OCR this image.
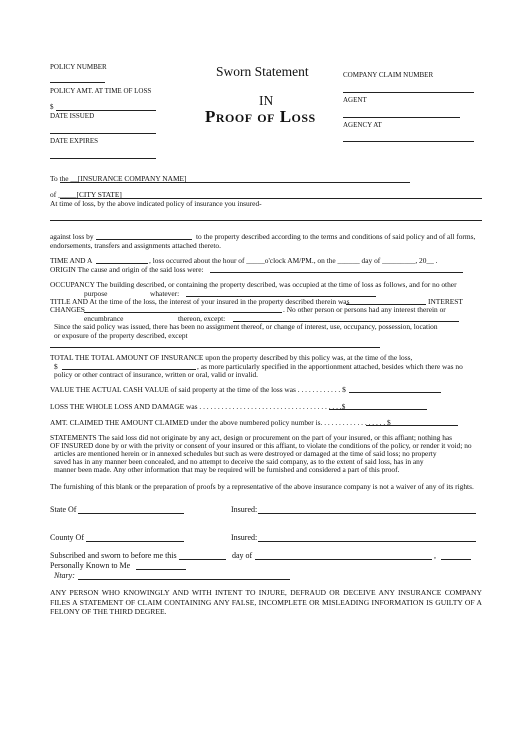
POLICY NUMBER
POLICY AMT. AT TIME OF LOSS
$
DATE ISSUED
DATE EXPIRES
Sworn Statement
IN
Proof of Loss
COMPANY CLAIM NUMBER
AGENT
AGENCY AT
To the __[INSURANCE COMPANY NAME]
of _____[CITY STATE]
At time of loss, by the above indicated policy of insurance you insured-
against loss by	to the property described according to the terms and conditions of said policy and of all forms,
endorsements, transfers and assignments attached thereto.
TIME AND A	, loss occurred about the hour of _____o'clock AM/PM., on the ______ day of _________, 20__ .
ORIGIN The cause and origin of the said loss were:
OCCUPANCY The building described, or containing the property described, was occupied at the time of loss as follows, and for no other
purpose	whatever:
TITLE AND At the time of the loss, the interest of your insured in the property described therein was	INTEREST
CHANGES	. No other person or persons had any interest therein or
encumbrance	thereon, except:
Since the said policy was issued, there has been no assignment thereof, or change of interest, use, occupancy, possession, location
or exposure of the property described, except
TOTAL THE TOTAL AMOUNT OF INSURANCE upon the property described by this policy was, at the time of the loss,
$	, as more particularly specified in the apportionment attached, besides which there was no
policy or other contract of insurance, written or oral, valid or invalid.
VALUE THE ACTUAL CASH VALUE of said property at the time of the loss was . . . . . . . . . . . . $
LOSS THE WHOLE LOSS AND DAMAGE was . . . . . . . . . . . . . . . . . . . . . . . . . . . . . . . . . . . . . . .$
AMT. CLAIMED THE AMOUNT CLAIMED under the above numbered policy number is. . . . . . . . . . . . . . . . . . $
STATEMENTS The said loss did not originate by any act, design or procurement on the part of your insured, or this affiant; nothing has
OF INSURED done by or with the privity or consent of your insured or this affiant, to violate the conditions of the policy, or render it void; no
articles are mentioned herein or in annexed schedules but such as were destroyed or damaged at the time of said loss; no property
saved has in any manner been concealed, and no attempt to deceive the said company, as to the extent of said loss, has in any
manner been made. Any other information that may be required will be furnished and considered a part of this proof.
The furnishing of this blank or the preparation of proofs by a representative of the above insurance company is not a waiver of any of its rights.
State Of	Insured:
County Of	Insured:
Subscribed and sworn to before me this	day of	,
Personally Known to Me
Ntary:
ANY PERSON WHO KNOWINGLY AND WITH INTENT TO INJURE, DEFRAUD OR DECEIVE ANY INSURANCE COMPANY FILES A STATEMENT OF CLAIM CONTAINING ANY FALSE, INCOMPLETE OR MISLEADING INFORMATION IS GUILTY OF A FELONY OF THE THIRD DEGREE.
